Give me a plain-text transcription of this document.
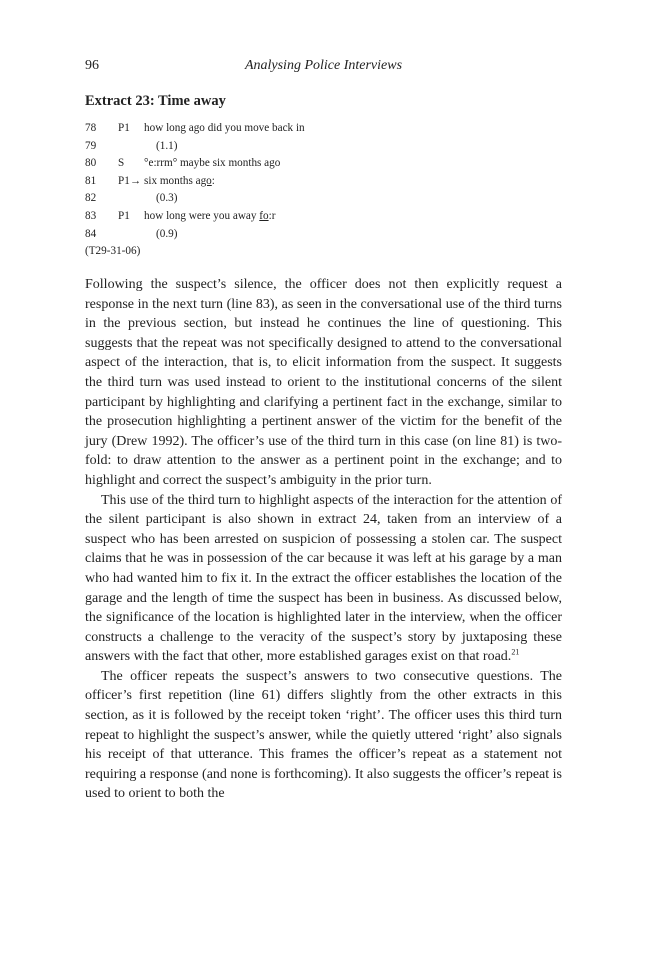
96	Analysing Police Interviews
Extract 23: Time away
78 P1 how long ago did you move back in
79	(1.1)
80 S °e:rrm° maybe six months ago
81 P1→ six months ago:
82	(0.3)
83 P1 how long were you away fo:r
84	(0.9)
(T29-31-06)

Following the suspect’s silence, the officer does not then explicitly request a response in the next turn (line 83), as seen in the conversational use of the third turns in the previous section, but instead he continues the line of questioning. This suggests that the repeat was not specifically designed to attend to the conversational aspect of the interaction, that is, to elicit information from the suspect. It suggests the third turn was used instead to orient to the institutional concerns of the silent participant by highlighting and clarifying a pertinent fact in the exchange, similar to the prosecution highlighting a pertinent answer of the victim for the benefit of the jury (Drew 1992). The officer’s use of the third turn in this case (on line 81) is two-fold: to draw attention to the answer as a pertinent point in the exchange; and to highlight and correct the suspect’s ambiguity in the prior turn.

This use of the third turn to highlight aspects of the interaction for the attention of the silent participant is also shown in extract 24, taken from an interview of a suspect who has been arrested on suspicion of possessing a stolen car. The suspect claims that he was in possession of the car because it was left at his garage by a man who had wanted him to fix it. In the extract the officer establishes the location of the garage and the length of time the suspect has been in business. As discussed below, the significance of the location is highlighted later in the interview, when the officer constructs a challenge to the veracity of the suspect’s story by juxtaposing these answers with the fact that other, more established garages exist on that road.$^{21}$

The officer repeats the suspect’s answers to two consecutive questions. The officer’s first repetition (line 61) differs slightly from the other extracts in this section, as it is followed by the receipt token ‘right’. The officer uses this third turn repeat to highlight the suspect’s answer, while the quietly uttered ‘right’ also signals his receipt of that utterance. This frames the officer’s repeat as a statement not requiring a response (and none is forthcoming). It also suggests the officer’s repeat is used to orient to both the
